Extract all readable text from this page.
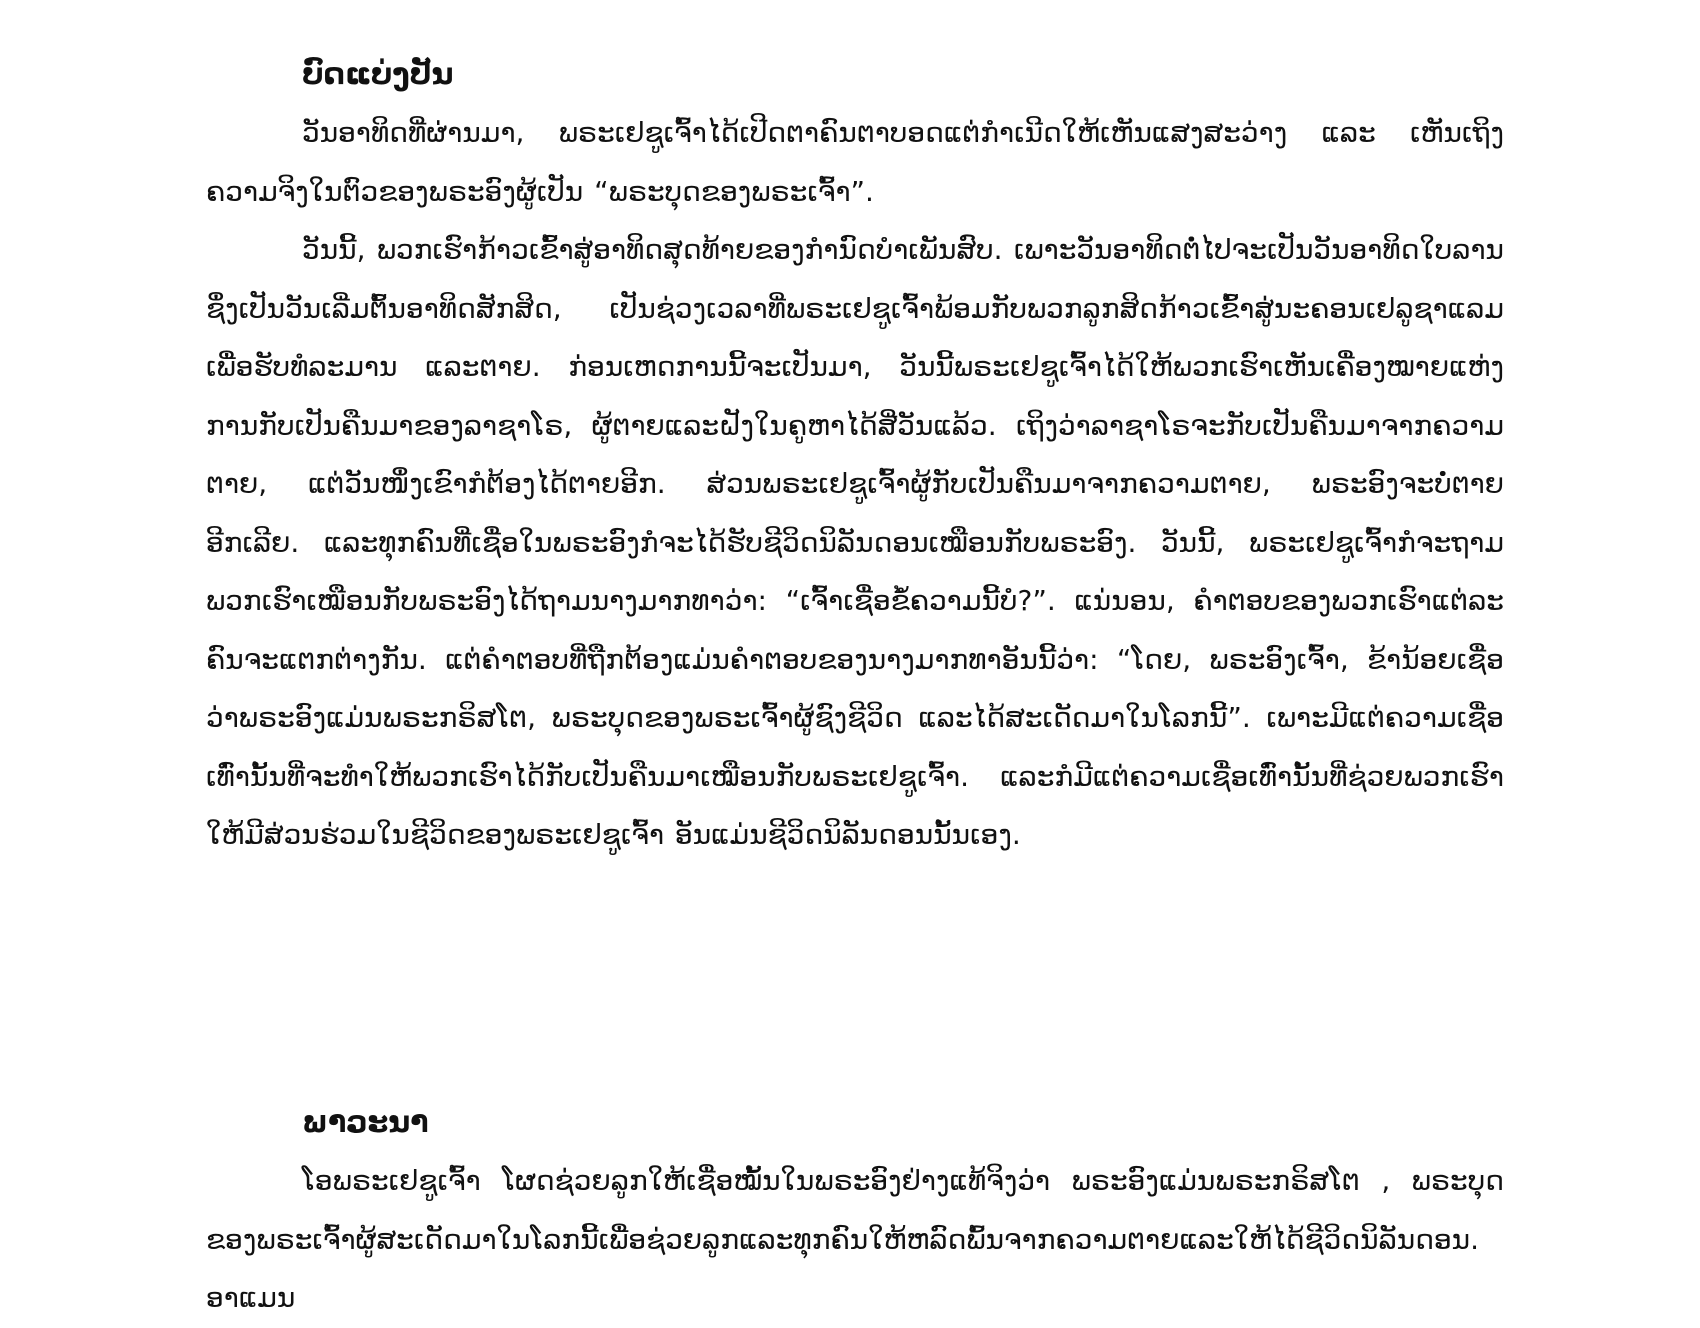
ບົດແບ່ງປັນ

ວັນອາທິດທີ່ຜ່ານມາ, ພຣະເຢຊູເຈົ້າໄດ້ເປີດຕາຄົນຕາບອດແຕ່ກຳເນີດໃຫ້ເຫັນແສງສະວ່າງ ແລະ ເຫັນເຖິງຄວາມຈິງໃນຕົວຂອງພຣະອົງຜູ້ເປັນ “ພຣະບຸດຂອງພຣະເຈົ້າ”.

ວັນນີ້, ພວກເຮົາກ້າວເຂົ້າສູ່ອາທິດສຸດທ້າຍຂອງກຳນົດບຳເພັນສົບ. ເພາະວັນອາທິດຕໍ່ໄປຈະເປັນວັນອາທິດໃບລານຊຶ່ງເປັນວັນເລີ່ມຕົ້ນອາທິດສັກສິດ, ເປັນຊ່ວງເວລາທີ່ພຣະເຢຊູເຈົ້າພ້ອມກັບພວກລູກສິດກ້າວເຂົ້າສູ່ນະຄອນເຢລູຊາແລມເພື່ອຮັບທໍລະມານ ແລະຕາຍ. ກ່ອນເຫດການນີ້ຈະເປັນມາ, ວັນນີ້ພຣະເຢຊູເຈົ້າໄດ້ໃຫ້ພວກເຮົາເຫັນເຄື່ອງໝາຍແຫ່ງການກັບເປັນຄືນມາຂອງລາຊາໂຣ, ຜູ້ຕາຍແລະຝັງໃນຄູຫາໄດ້ສີ່ວັນແລ້ວ. ເຖິງວ່າລາຊາໂຣຈະກັບເປັນຄືນມາຈາກຄວາມຕາຍ, ແຕ່ວັນໜຶ່ງເຂົາກໍຕ້ອງໄດ້ຕາຍອີກ. ສ່ວນພຣະເຢຊູເຈົ້າຜູ້ກັບເປັນຄືນມາຈາກຄວາມຕາຍ, ພຣະອົງຈະບໍ່ຕາຍອີກເລີຍ. ແລະທຸກຄົນທີ່ເຊື່ອໃນພຣະອົງກໍຈະໄດ້ຮັບຊີວິດນິລັນດອນເໝືອນກັບພຣະອົງ. ວັນນີ້, ພຣະເຢຊູເຈົ້າກໍຈະຖາມພວກເຮົາເໝືອນກັບພຣະອົງໄດ້ຖາມນາງມາກທາວ່າ: “ເຈົ້າເຊື່ອຂໍ້ຄວາມນີ້ບໍ?”. ແນ່ນອນ, ຄຳຕອບຂອງພວກເຮົາແຕ່ລະຄົນຈະແຕກຕ່າງກັນ. ແຕ່ຄຳຕອບທີ່ຖືກຕ້ອງແມ່ນຄຳຕອບຂອງນາງມາກທາອັນນີ້ວ່າ: “ໂດຍ, ພຣະອົງເຈົ້າ, ຂ້ານ້ອຍເຊື່ອວ່າພຣະອົງແມ່ນພຣະກຣິສໂຕ, ພຣະບຸດຂອງພຣະເຈົ້າຜູ້ຊົງຊີວິດ ແລະໄດ້ສະເດັດມາໃນໂລກນີ້”. ເພາະມີແຕ່ຄວາມເຊື່ອເທົ່ານັ້ນທີ່ຈະທຳໃຫ້ພວກເຮົາໄດ້ກັບເປັນຄືນມາເໝືອນກັບພຣະເຢຊູເຈົ້າ. ແລະກໍມີແຕ່ຄວາມເຊື່ອເທົ່ານັ້ນທີ່ຊ່ວຍພວກເຮົາໃຫ້ມີສ່ວນຮ່ວມໃນຊີວິດຂອງພຣະເຢຊູເຈົ້າ ອັນແມ່ນຊີວິດນິລັນດອນນັ້ນເອງ.

ພາວະນາ

ໂອພຣະເຢຊູເຈົ້າ ໂຜດຊ່ວຍລູກໃຫ້ເຊື່ອໝັ້ນໃນພຣະອົງຢ່າງແທ້ຈິງວ່າ ພຣະອົງແມ່ນພຣະກຣິສໂຕ , ພຣະບຸດຂອງພຣະເຈົ້າຜູ້ສະເດັດມາໃນໂລກນີ້ເພື່ອຊ່ວຍລູກແລະທຸກຄົນໃຫ້ຫລົດພົ້ນຈາກຄວາມຕາຍແລະໃຫ້ໄດ້ຊີວິດນິລັນດອນ. ອາແມນ
